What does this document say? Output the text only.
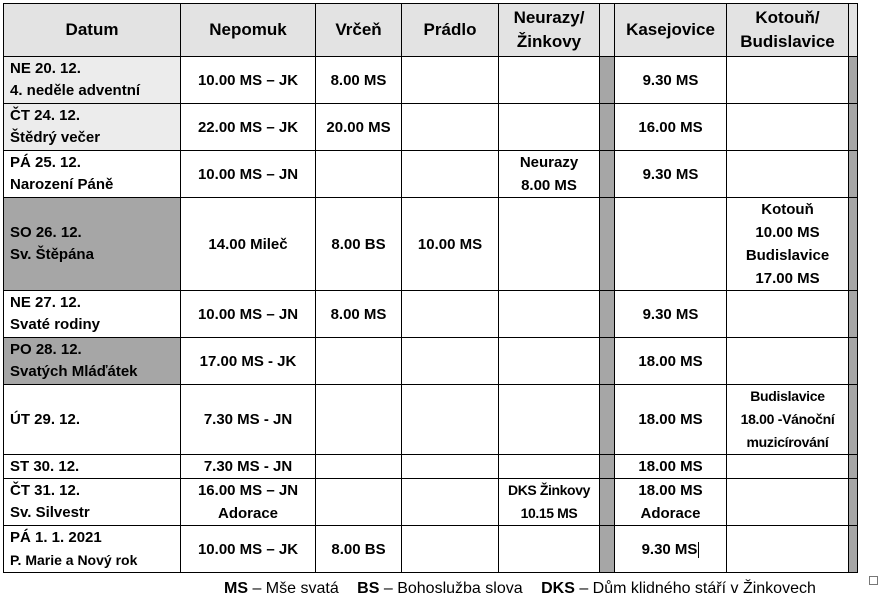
Datum	Nepomuk	Vrčeň	Prádlo	Neurazy/
Žinkovy		Kasejovice	Kotouň/
Budislavice	

NE 20. 12.
4. neděle adventní	10.00 MS – JK	8.00 MS				9.30 MS		

ČT 24. 12.
Štědrý večer	22.00 MS – JK	20.00 MS				16.00 MS		

PÁ 25. 12.
Narození Páně	10.00 MS – JN			Neurazy
8.00 MS		9.30 MS		

SO 26. 12.
Sv. Štěpána	14.00 Mileč	8.00 BS	10.00 MS				Kotouň
10.00 MS
Budislavice
17.00 MS	

NE 27. 12.
Svaté rodiny	10.00 MS – JN	8.00 MS				9.30 MS		

PO 28. 12.
Svatých Mláďátek	17.00 MS - JK					18.00 MS		

ÚT 29. 12.	7.30 MS - JN					18.00 MS	Budislavice
18.00 -Vánoční
muzicírování	

ST 30. 12.	7.30 MS - JN					18.00 MS		

ČT 31. 12.
Sv. Silvestr	16.00 MS – JN
Adorace			DKS Žinkovy
10.15 MS		18.00 MS
Adorace		

PÁ 1. 1. 2021
P. Marie a Nový rok	10.00 MS – JK	8.00 BS				9.30 MS	

MS – Mše svatá BS – Bohoslužba slova DKS – Dům klidného stáří v Žinkovech
